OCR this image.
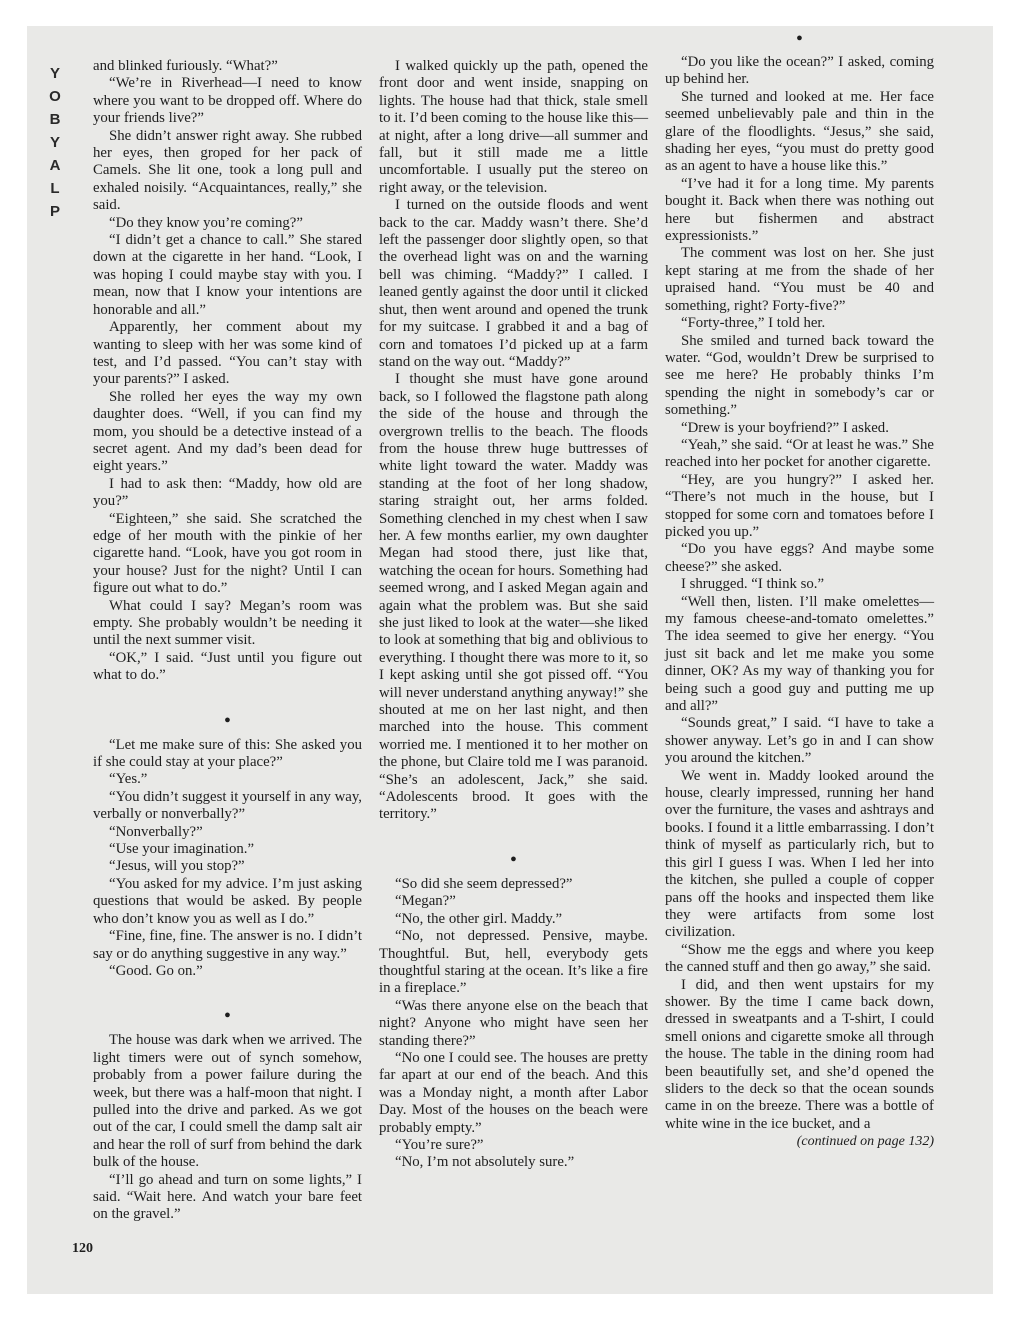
Y
O
B
Y
A
L
P
120

and blinked furiously. “What?”

“We’re in Riverhead—I need to know where you want to be dropped off. Where do your friends live?”

She didn’t answer right away. She rubbed her eyes, then groped for her pack of Camels. She lit one, took a long pull and exhaled noisily. “Acquaintances, really,” she said.

“Do they know you’re coming?”

“I didn’t get a chance to call.” She stared down at the cigarette in her hand. “Look, I was hoping I could maybe stay with you. I mean, now that I know your intentions are honorable and all.”

Apparently, her comment about my wanting to sleep with her was some kind of test, and I’d passed. “You can’t stay with your parents?” I asked.

She rolled her eyes the way my own daughter does. “Well, if you can find my mom, you should be a detective instead of a secret agent. And my dad’s been dead for eight years.”

I had to ask then: “Maddy, how old are you?”

“Eighteen,” she said. She scratched the edge of her mouth with the pinkie of her cigarette hand. “Look, have you got room in your house? Just for the night? Until I can figure out what to do.”

What could I say? Megan’s room was empty. She probably wouldn’t be needing it until the next summer visit.

“OK,” I said. “Just until you figure out what to do.”

●

“Let me make sure of this: She asked you if she could stay at your place?”

“Yes.”

“You didn’t suggest it yourself in any way, verbally or nonverbally?”

“Nonverbally?”

“Use your imagination.”

“Jesus, will you stop?”

“You asked for my advice. I’m just asking questions that would be asked. By people who don’t know you as well as I do.”

“Fine, fine, fine. The answer is no. I didn’t say or do anything suggestive in any way.”

“Good. Go on.”

●

The house was dark when we arrived. The light timers were out of synch somehow, probably from a power failure during the week, but there was a half-moon that night. I pulled into the drive and parked. As we got out of the car, I could smell the damp salt air and hear the roll of surf from behind the dark bulk of the house.

“I’ll go ahead and turn on some lights,” I said. “Wait here. And watch your bare feet on the gravel.”

I walked quickly up the path, opened the front door and went inside, snapping on lights. The house had that thick, stale smell to it. I’d been coming to the house like this—at night, after a long drive—all summer and fall, but it still made me a little uncomfortable. I usually put the stereo on right away, or the television.

I turned on the outside floods and went back to the car. Maddy wasn’t there. She’d left the passenger door slightly open, so that the overhead light was on and the warning bell was chiming. “Maddy?” I called. I leaned gently against the door until it clicked shut, then went around and opened the trunk for my suitcase. I grabbed it and a bag of corn and tomatoes I’d picked up at a farm stand on the way out. “Maddy?”

I thought she must have gone around back, so I followed the flagstone path along the side of the house and through the overgrown trellis to the beach. The floods from the house threw huge buttresses of white light toward the water. Maddy was standing at the foot of her long shadow, staring straight out, her arms folded. Something clenched in my chest when I saw her. A few months earlier, my own daughter Megan had stood there, just like that, watching the ocean for hours. Something had seemed wrong, and I asked Megan again and again what the problem was. But she said she just liked to look at the water—she liked to look at something that big and oblivious to everything. I thought there was more to it, so I kept asking until she got pissed off. “You will never understand anything anyway!” she shouted at me on her last night, and then marched into the house. This comment worried me. I mentioned it to her mother on the phone, but Claire told me I was paranoid. “She’s an adolescent, Jack,” she said. “Adolescents brood. It goes with the territory.”

●

“So did she seem depressed?”

“Megan?”

“No, the other girl. Maddy.”

“No, not depressed. Pensive, maybe. Thoughtful. But, hell, everybody gets thoughtful staring at the ocean. It’s like a fire in a fireplace.”

“Was there anyone else on the beach that night? Anyone who might have seen her standing there?”

“No one I could see. The houses are pretty far apart at our end of the beach. And this was a Monday night, a month after Labor Day. Most of the houses on the beach were probably empty.”

“You’re sure?”

“No, I’m not absolutely sure.”

●

“Do you like the ocean?” I asked, coming up behind her.

She turned and looked at me. Her face seemed unbelievably pale and thin in the glare of the floodlights. “Jesus,” she said, shading her eyes, “you must do pretty good as an agent to have a house like this.”

“I’ve had it for a long time. My parents bought it. Back when there was nothing out here but fishermen and abstract expressionists.”

The comment was lost on her. She just kept staring at me from the shade of her upraised hand. “You must be 40 and something, right? Forty-five?”

“Forty-three,” I told her.

She smiled and turned back toward the water. “God, wouldn’t Drew be surprised to see me here? He probably thinks I’m spending the night in somebody’s car or something.”

“Drew is your boyfriend?” I asked.

“Yeah,” she said. “Or at least he was.” She reached into her pocket for another cigarette.

“Hey, are you hungry?” I asked her. “There’s not much in the house, but I stopped for some corn and tomatoes before I picked you up.”

“Do you have eggs? And maybe some cheese?” she asked.

I shrugged. “I think so.”

“Well then, listen. I’ll make omelettes—my famous cheese-and-tomato omelettes.” The idea seemed to give her energy. “You just sit back and let me make you some dinner, OK? As my way of thanking you for being such a good guy and putting me up and all?”

“Sounds great,” I said. “I have to take a shower anyway. Let’s go in and I can show you around the kitchen.”

We went in. Maddy looked around the house, clearly impressed, running her hand over the furniture, the vases and ashtrays and books. I found it a little embarrassing. I don’t think of myself as particularly rich, but to this girl I guess I was. When I led her into the kitchen, she pulled a couple of copper pans off the hooks and inspected them like they were artifacts from some lost civilization.

“Show me the eggs and where you keep the canned stuff and then go away,” she said.

I did, and then went upstairs for my shower. By the time I came back down, dressed in sweatpants and a T-shirt, I could smell onions and cigarette smoke all through the house. The table in the dining room had been beautifully set, and she’d opened the sliders to the deck so that the ocean sounds came in on the breeze. There was a bottle of white wine in the ice bucket, and a

(continued on page 132)
